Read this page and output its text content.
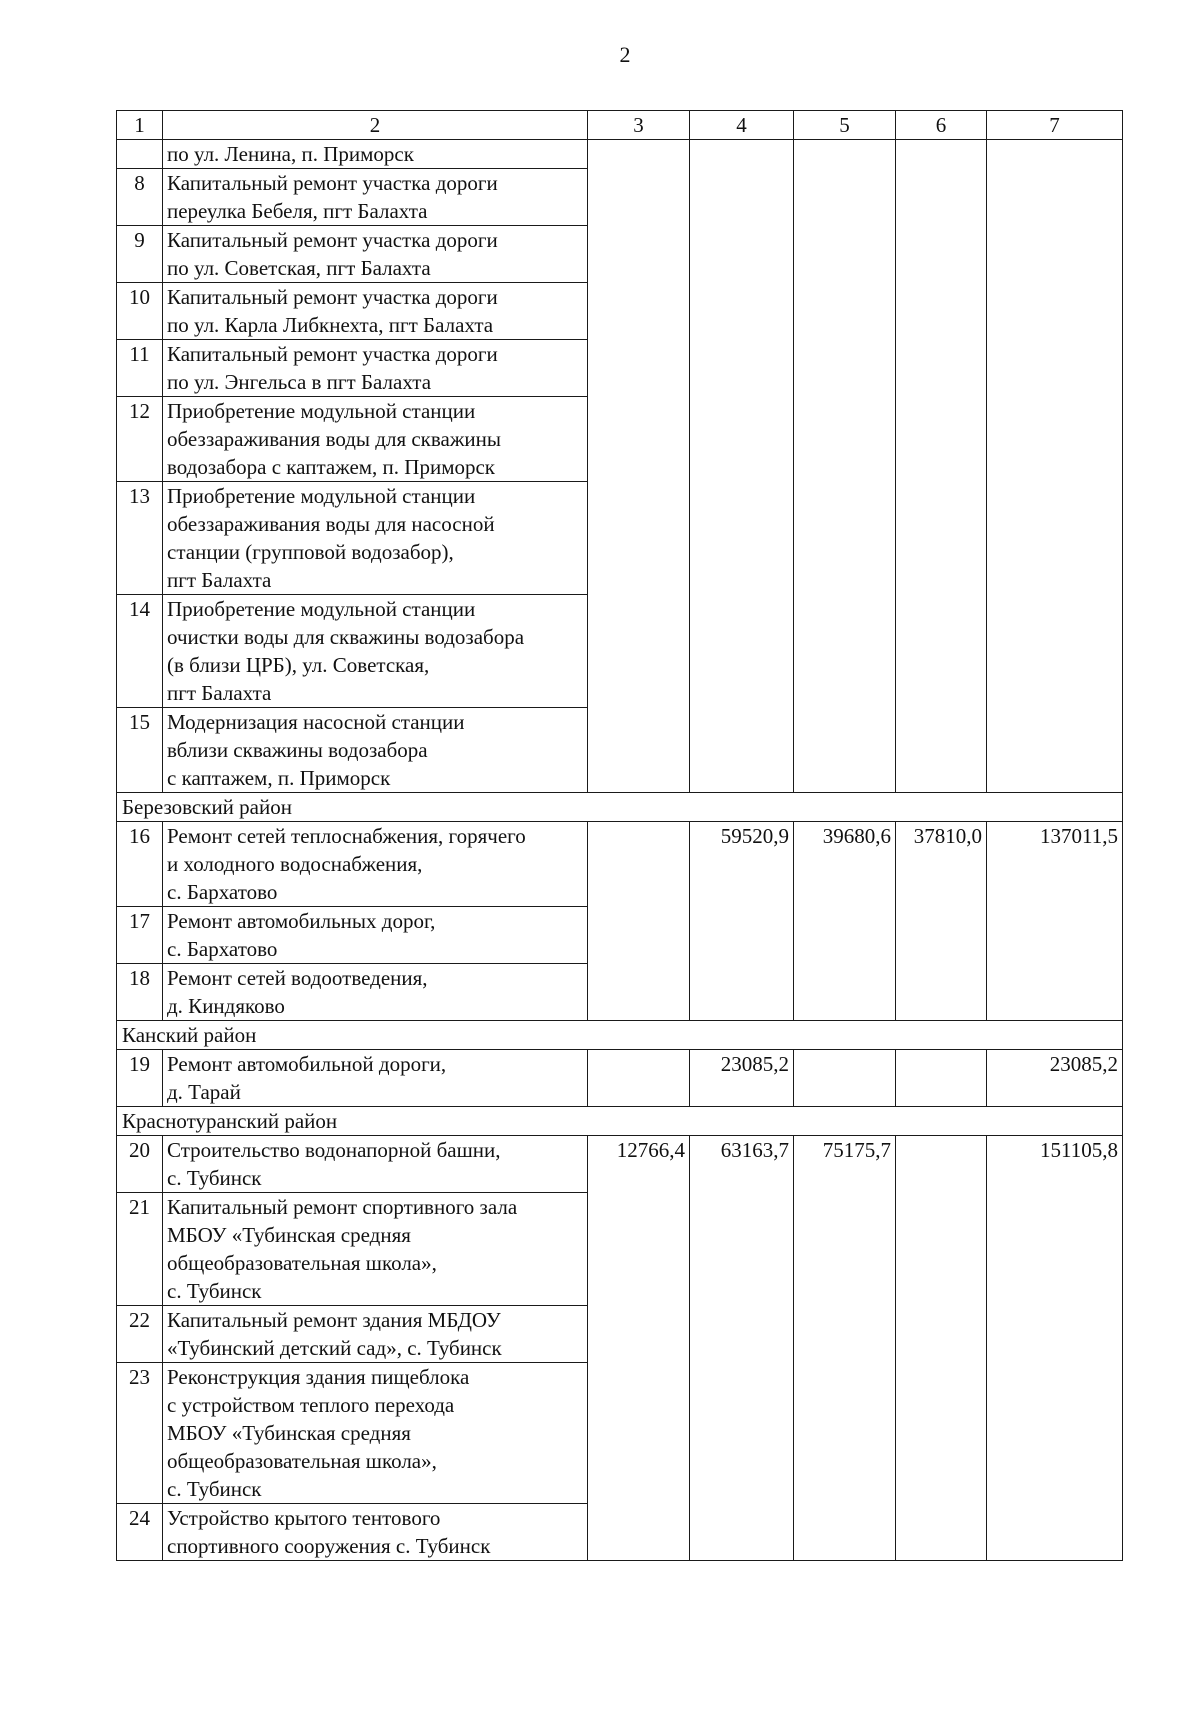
2
1	2	3	4	5	6	7

	по ул. Ленина, п. Приморск					

8	Капитальный ремонт участка дороги
переулка Бебеля, пгт Балахта					

9	Капитальный ремонт участка дороги
по ул. Советская, пгт Балахта					

10	Капитальный ремонт участка дороги
по ул. Карла Либкнехта, пгт Балахта					

11	Капитальный ремонт участка дороги
по ул. Энгельса в пгт Балахта					

12	Приобретение модульной станции
обеззараживания воды для скважины
водозабора с каптажем, п. Приморск					

13	Приобретение модульной станции
обеззараживания воды для насосной
станции (групповой водозабор),
пгт Балахта					

14	Приобретение модульной станции
очистки воды для скважины водозабора
(в близи ЦРБ), ул. Советская,
пгт Балахта					

15	Модернизация насосной станции
вблизи скважины водозабора
с каптажем, п. Приморск					

Березовский район						
16	Ремонт сетей теплоснабжения, горячего
и холодного водоснабжения,
с. Бархатово		59520,9	39680,6	37810,0	137011,5
17	Ремонт автомобильных дорог,
с. Бархатово					

18	Ремонт сетей водоотведения,
д. Киндяково					

Канский район						
19	Ремонт автомобильной дороги,
д. Тарай		23085,2			23085,2
Краснотуранский район						
20	Строительство водонапорной башни,
с. Тубинск	12766,4	63163,7	75175,7		151105,8
21	Капитальный ремонт спортивного зала
МБОУ «Тубинская средняя
общеобразовательная школа»,
с. Тубинск					

22	Капитальный ремонт здания МБДОУ
«Тубинский детский сад», с. Тубинск					

23	Реконструкция здания пищеблока
с устройством теплого перехода
МБОУ «Тубинская средняя
общеобразовательная школа»,
с. Тубинск					

24	Устройство крытого тентового
спортивного сооружения с. Тубинск					
